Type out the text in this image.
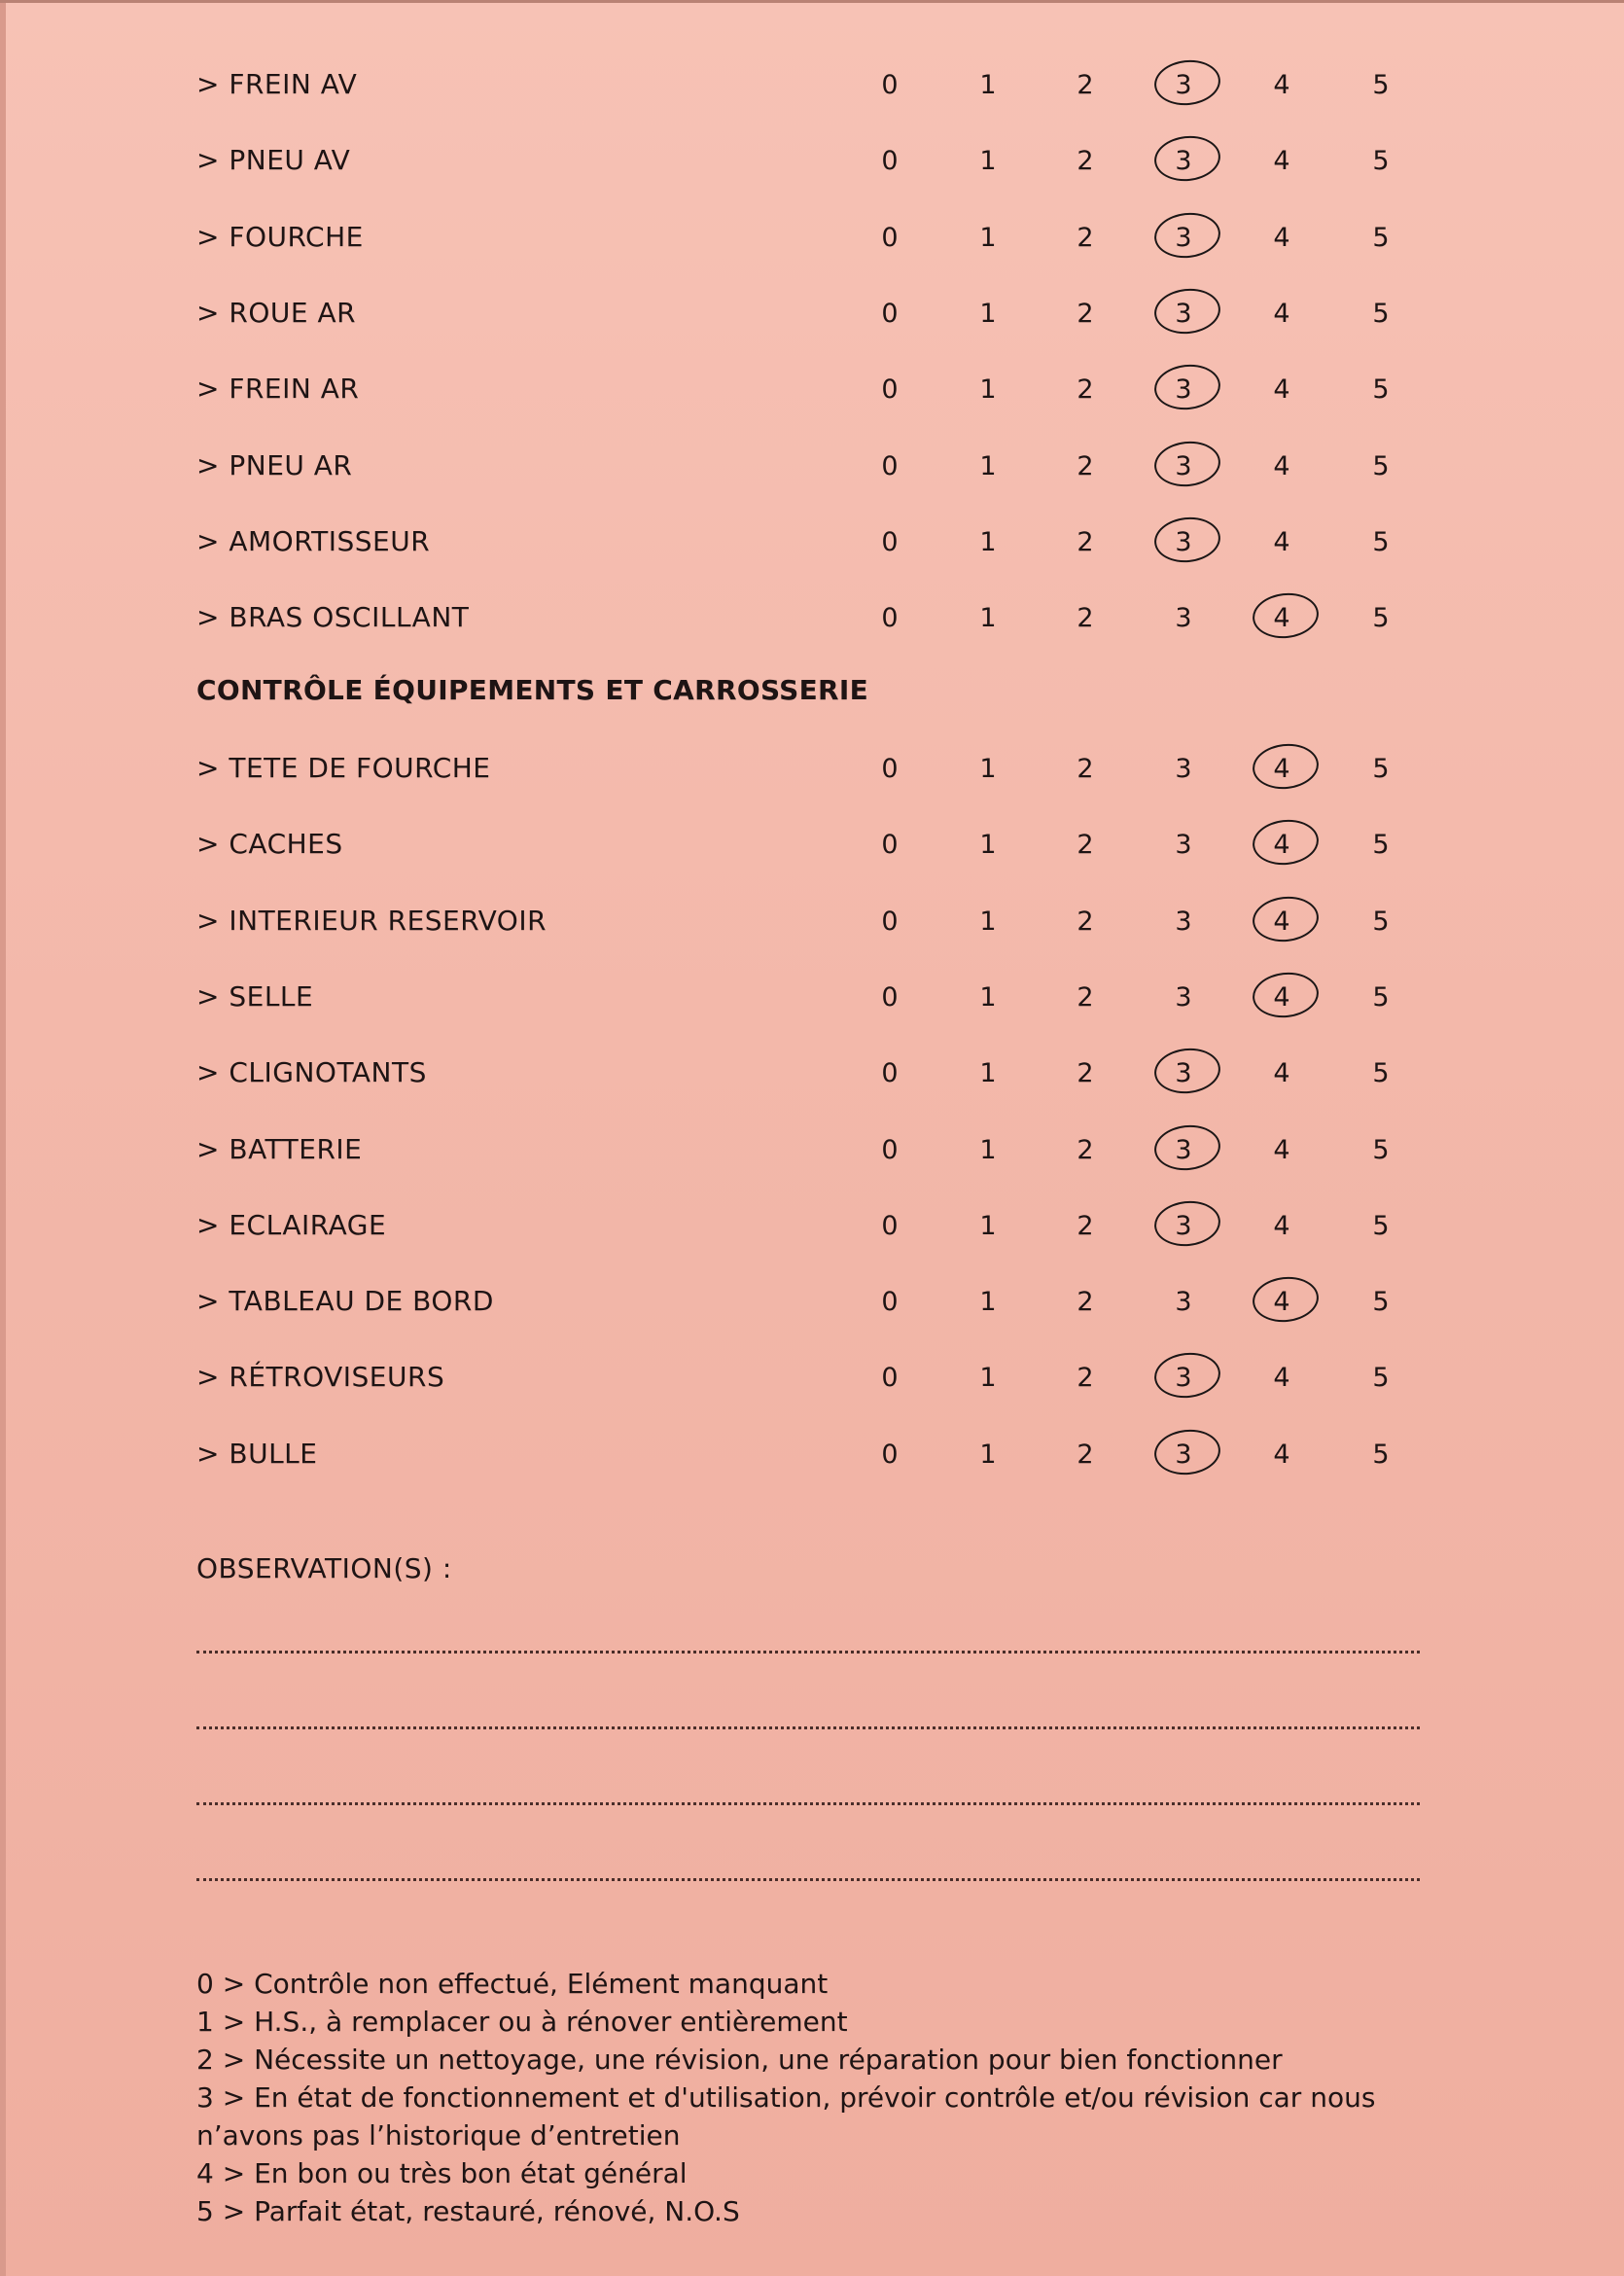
> FREIN AV	0	1	2	3	4	5
> PNEU AV	0	1	2	3	4	5
> FOURCHE	0	1	2	3	4	5
> ROUE AR	0	1	2	3	4	5
> FREIN AR	0	1	2	3	4	5
> PNEU AR	0	1	2	3	4	5
> AMORTISSEUR	0	1	2	3	4	5
> BRAS OSCILLANT	0	1	2	3	4	5
CONTRÔLE ÉQUIPEMENTS ET CARROSSERIE
> TETE DE FOURCHE	0	1	2	3	4	5
> CACHES	0	1	2	3	4	5
> INTERIEUR RESERVOIR	0	1	2	3	4	5
> SELLE	0	1	2	3	4	5
> CLIGNOTANTS	0	1	2	3	4	5
> BATTERIE	0	1	2	3	4	5
> ECLAIRAGE	0	1	2	3	4	5
> TABLEAU DE BORD	0	1	2	3	4	5
> RÉTROVISEURS	0	1	2	3	4	5
> BULLE	0	1	2	3	4	5
OBSERVATION(S) :
0 > Contrôle non effectué, Elément manquant
1 > H.S., à remplacer ou à rénover entièrement
2 > Nécessite un nettoyage, une révision, une réparation pour bien fonctionner
3 > En état de fonctionnement et d'utilisation, prévoir contrôle et/ou révision car nous n’avons pas l’historique d’entretien
4 > En bon ou très bon état général
5 > Parfait état, restauré, rénové, N.O.S
